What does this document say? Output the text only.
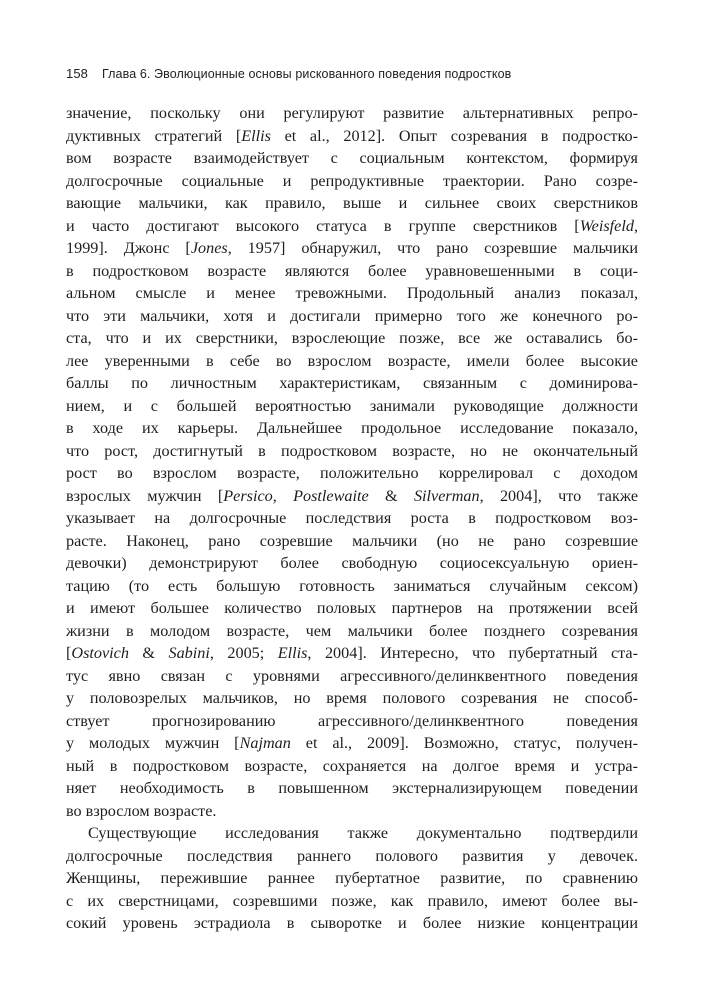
158 Глава 6. Эволюционные основы рискованного поведения подростков
значение, поскольку они регулируют развитие альтернативных репро-
дуктивных стратегий [Ellis et al., 2012]. Опыт созревания в подростко-
вом возрасте взаимодействует с социальным контекстом, формируя
долгосрочные социальные и репродуктивные траектории. Рано созре-
вающие мальчики, как правило, выше и сильнее своих сверстников
и часто достигают высокого статуса в группе сверстников [Weisfeld,
1999]. Джонс [Jones, 1957] обнаружил, что рано созревшие мальчики
в подростковом возрасте являются более уравновешенными в соци-
альном смысле и менее тревожными. Продольный анализ показал,
что эти мальчики, хотя и достигали примерно того же конечного ро-
ста, что и их сверстники, взрослеющие позже, все же оставались бо-
лее уверенными в себе во взрослом возрасте, имели более высокие
баллы по личностным характеристикам, связанным с доминирова-
нием, и с большей вероятностью занимали руководящие должности
в ходе их карьеры. Дальнейшее продольное исследование показало,
что рост, достигнутый в подростковом возрасте, но не окончательный
рост во взрослом возрасте, положительно коррелировал с доходом
взрослых мужчин [Persico, Postlewaite & Silverman, 2004], что также
указывает на долгосрочные последствия роста в подростковом воз-
расте. Наконец, рано созревшие мальчики (но не рано созревшие
девочки) демонстрируют более свободную социосексуальную ориен-
тацию (то есть большую готовность заниматься случайным сексом)
и имеют большее количество половых партнеров на протяжении всей
жизни в молодом возрасте, чем мальчики более позднего созревания
[Ostovich & Sabini, 2005; Ellis, 2004]. Интересно, что пубертатный ста-
тус явно связан с уровнями агрессивного/делинквентного поведения
у половозрелых мальчиков, но время полового созревания не способ-
ствует прогнозированию агрессивного/делинквентного поведения
у молодых мужчин [Najman et al., 2009]. Возможно, статус, получен-
ный в подростковом возрасте, сохраняется на долгое время и устра-
няет необходимость в повышенном экстернализирующем поведении
во взрослом возрасте.
Существующие исследования также документально подтвердили
долгосрочные последствия раннего полового развития у девочек.
Женщины, пережившие раннее пубертатное развитие, по сравнению
с их сверстницами, созревшими позже, как правило, имеют более вы-
сокий уровень эстрадиола в сыворотке и более низкие концентрации
